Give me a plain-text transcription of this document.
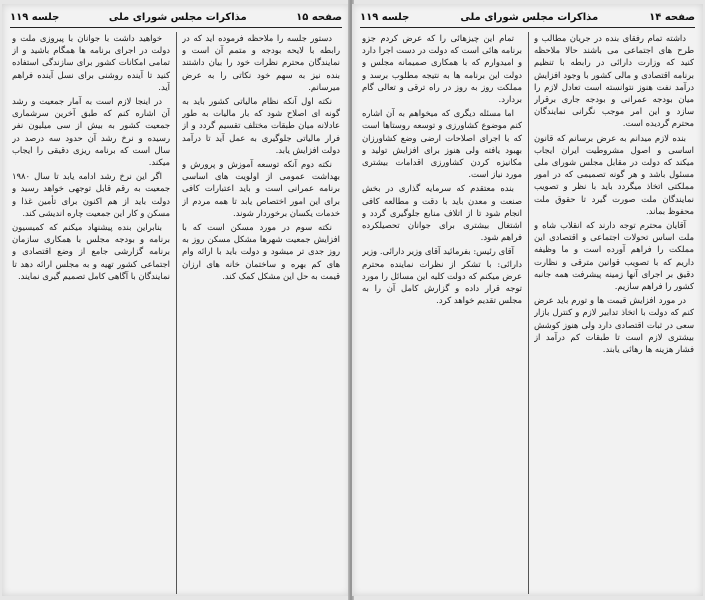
صفحه ۱۵
مذاکرات مجلس شورای ملی
جلسه ۱۱۹

دستور جلسه را ملاحظه فرموده اید که در رابطه با لایحه بودجه و متمم آن است و نمایندگان محترم نظرات خود را بیان داشتند بنده نیز به سهم خود نکاتی را به عرض میرسانم.

نکته اول آنکه نظام مالیاتی کشور باید به گونه ای اصلاح شود که بار مالیات به طور عادلانه میان طبقات مختلف تقسیم گردد و از فرار مالیاتی جلوگیری به عمل آید تا درآمد دولت افزایش یابد.

نکته دوم آنکه توسعه آموزش و پرورش و بهداشت عمومی از اولویت های اساسی برنامه عمرانی است و باید اعتبارات کافی برای این امور اختصاص یابد تا همه مردم از خدمات یکسان برخوردار شوند.

نکته سوم در مورد مسکن است که با افزایش جمعیت شهرها مشکل مسکن روز به روز جدی تر میشود و دولت باید با ارائه وام های کم بهره و ساختمان خانه های ارزان قیمت به حل این مشکل کمک کند.

خواهید داشت با جوانان با پیروزی ملت و دولت در اجرای برنامه ها همگام باشید و از تمامی امکانات کشور برای سازندگی استفاده کنید تا آینده روشنی برای نسل آینده فراهم آید.

در اینجا لازم است به آمار جمعیت و رشد آن اشاره کنم که طبق آخرین سرشماری جمعیت کشور به بیش از سی میلیون نفر رسیده و نرخ رشد آن حدود سه درصد در سال است که برنامه ریزی دقیقی را ایجاب میکند.

اگر این نرخ رشد ادامه یابد تا سال ۱۹۸۰ جمعیت به رقم قابل توجهی خواهد رسید و دولت باید از هم اکنون برای تأمین غذا و مسکن و کار این جمعیت چاره اندیشی کند.

بنابراین بنده پیشنهاد میکنم که کمیسیون برنامه و بودجه مجلس با همکاری سازمان برنامه گزارشی جامع از وضع اقتصادی و اجتماعی کشور تهیه و به مجلس ارائه دهد تا نمایندگان با آگاهی کامل تصمیم گیری نمایند.

صفحه ۱۴
مذاکرات مجلس شورای ملی
جلسه ۱۱۹

داشته تمام رفقای بنده در جریان مطالب و طرح های اجتماعی می باشند حالا ملاحظه کنید که وزارت دارائی در رابطه با تنظیم برنامه اقتصادی و مالی کشور با وجود افزایش درآمد نفت هنوز نتوانسته است تعادل لازم را میان بودجه عمرانی و بودجه جاری برقرار سازد و این امر موجب نگرانی نمایندگان محترم گردیده است.

بنده لازم میدانم به عرض برسانم که قانون اساسی و اصول مشروطیت ایران ایجاب میکند که دولت در مقابل مجلس شورای ملی مسئول باشد و هر گونه تصمیمی که در امور مملکتی اتخاذ میگردد باید با نظر و تصویب نمایندگان ملت صورت گیرد تا حقوق ملت محفوظ بماند.

آقایان محترم توجه دارند که انقلاب شاه و ملت اساس تحولات اجتماعی و اقتصادی این مملکت را فراهم آورده است و ما وظیفه داریم که با تصویب قوانین مترقی و نظارت دقیق بر اجرای آنها زمینه پیشرفت همه جانبه کشور را فراهم سازیم.

در مورد افزایش قیمت ها و تورم باید عرض کنم که دولت با اتخاذ تدابیر لازم و کنترل بازار سعی در ثبات اقتصادی دارد ولی هنوز کوشش بیشتری لازم است تا طبقات کم درآمد از فشار هزینه ها رهائی یابند.

تمام این چیزهائی را که عرض کردم جزو برنامه هائی است که دولت در دست اجرا دارد و امیدوارم که با همکاری صمیمانه مجلس و دولت این برنامه ها به نتیجه مطلوب برسد و مملکت روز به روز در راه ترقی و تعالی گام بردارد.

اما مسئله دیگری که میخواهم به آن اشاره کنم موضوع کشاورزی و توسعه روستاها است که با اجرای اصلاحات ارضی وضع کشاورزان بهبود یافته ولی هنوز برای افزایش تولید و مکانیزه کردن کشاورزی اقدامات بیشتری مورد نیاز است.

بنده معتقدم که سرمایه گذاری در بخش صنعت و معدن باید با دقت و مطالعه کافی انجام شود تا از اتلاف منابع جلوگیری گردد و اشتغال بیشتری برای جوانان تحصیلکرده فراهم شود.

آقای رئیس: بفرمائید آقای وزیر دارائی. وزیر دارائی: با تشکر از نظرات نماینده محترم عرض میکنم که دولت کلیه این مسائل را مورد توجه قرار داده و گزارش کامل آن را به مجلس تقدیم خواهد کرد.
